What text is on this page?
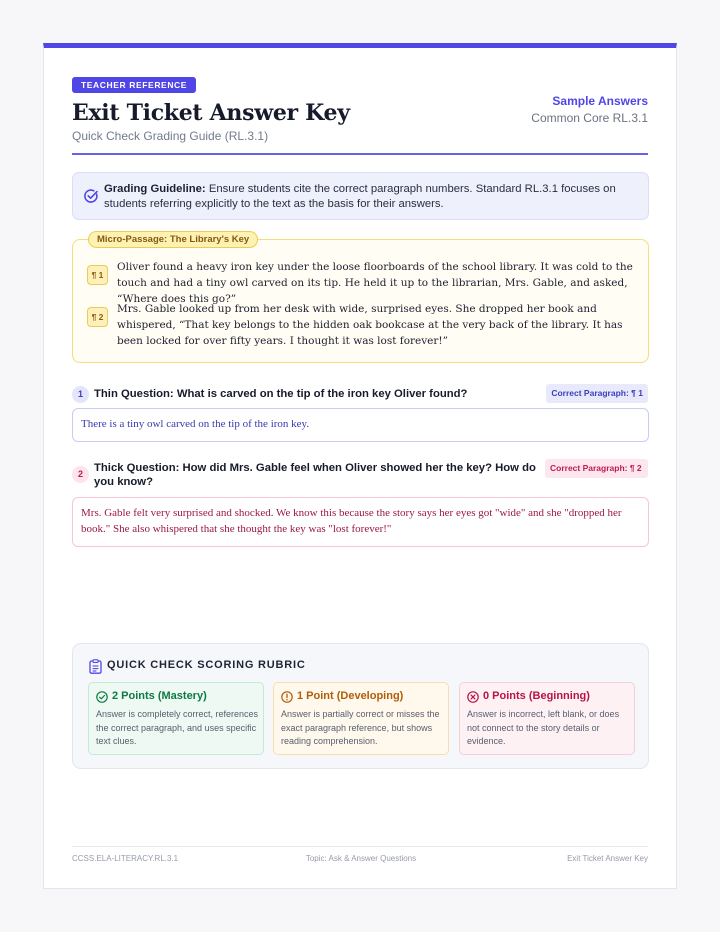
TEACHER REFERENCE
Exit Ticket Answer Key
Quick Check Grading Guide (RL.3.1)
Sample Answers
Common Core RL.3.1

Grading Guideline: Ensure students cite the correct paragraph numbers. Standard RL.3.1 focuses on students referring explicitly to the text as the basis for their answers.

Micro-Passage: The Library's Key
¶ 1

Oliver found a heavy iron key under the loose floorboards of the school library. It was cold to the touch and had a tiny owl carved on its tip. He held it up to the librarian, Mrs. Gable, and asked, “Where does this go?”

¶ 2

Mrs. Gable looked up from her desk with wide, surprised eyes. She dropped her book and whispered, “That key belongs to the hidden oak bookcase at the very back of the library. It has been locked for over fifty years. I thought it was lost forever!”

1 Thin Question: What is carved on the tip of the iron key Oliver found?	Correct Paragraph: ¶ 1
There is a tiny owl carved on the tip of the iron key.
2 Thick Question: How did Mrs. Gable feel when Oliver showed her the key? How do you know?
Correct Paragraph: ¶ 2
Mrs. Gable felt very surprised and shocked. We know this because the story says her eyes got "wide" and she "dropped her book." She also whispered that she thought the key was "lost forever!"
QUICK CHECK SCORING RUBRIC
2 Points (Mastery)

Answer is completely correct, references the correct paragraph, and uses specific text clues.

1 Point (Developing)

Answer is partially correct or misses the exact paragraph reference, but shows reading comprehension.

0 Points (Beginning)

Answer is incorrect, left blank, or does not connect to the story details or evidence.

CCSS.ELA-LITERACY.RL.3.1	Topic: Ask & Answer Questions	Exit Ticket Answer Key
